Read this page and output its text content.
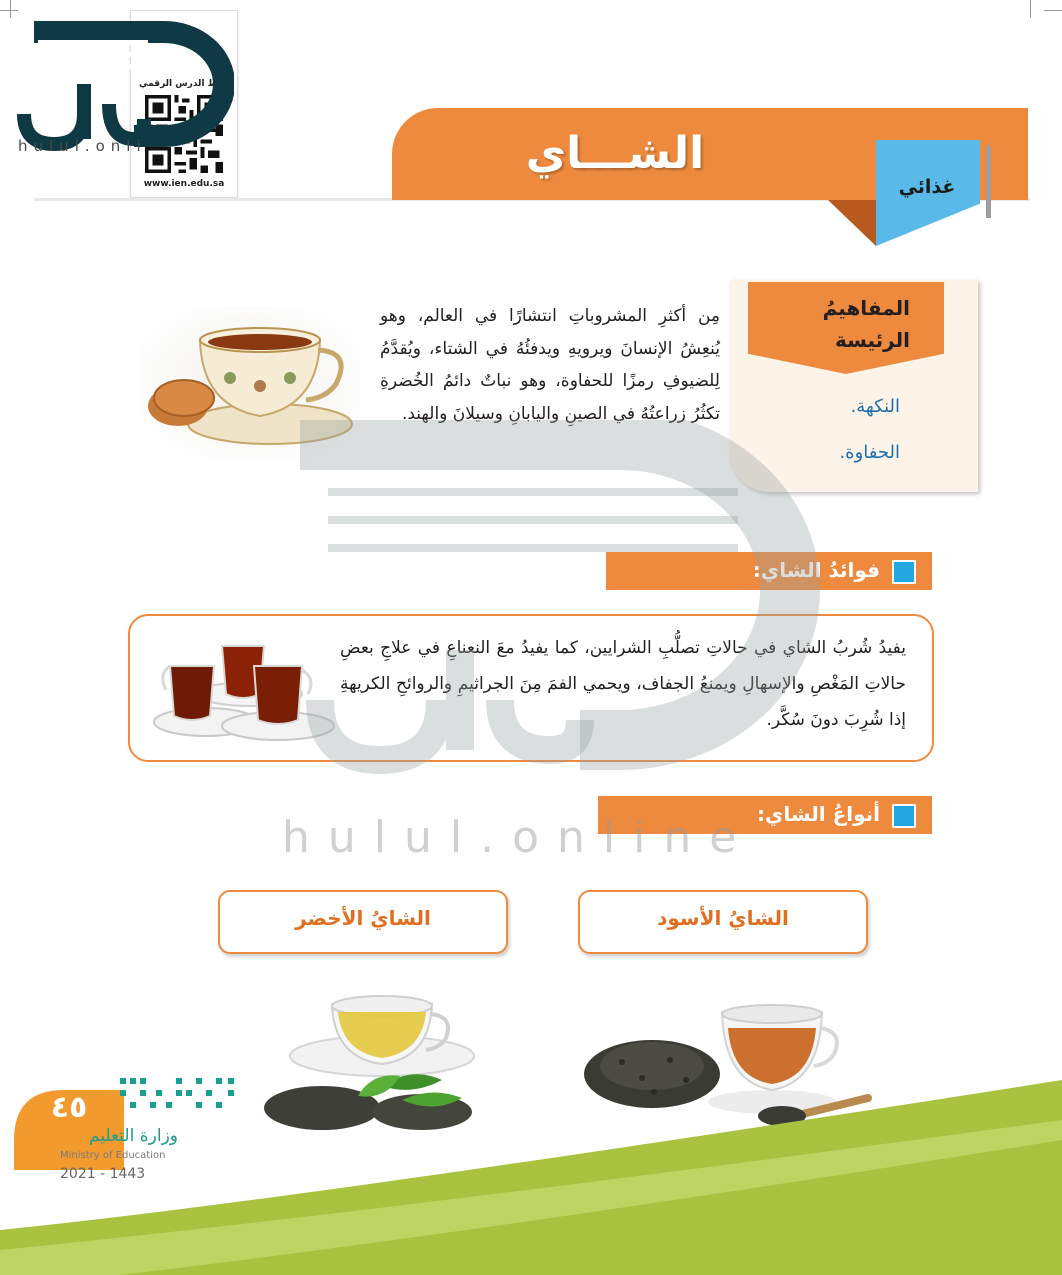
رابط الدرس الرقمي
www.ien.edu.sa
hulul.onli	الشـــاي
غذائي
المفاهيمُ
الرئيسة
النكهة.
الحفاوة.
مِن أكثرِ المشروباتِ انتشارًا في العالم، وهو يُنعِشُ الإنسانَ ويرويهِ ويدفئُهُ في الشتاء، ويُقدَّمُ لِلضيوفِ رمزًا للحفاوة، وهو نباتٌ دائمُ الخُضرةِ تكثُرُ زراعتُهُ في الصينِ واليابانِ وسيلانَ والهند.
فوائدُ الشاي:
يفيدُ شُربُ الشاي في حالاتِ تصلُّبِ الشرايين، كما يفيدُ معَ النعناعِ في علاجِ بعضِ حالاتِ المَغْصِ والإسهالِ ويمنعُ الجفاف، ويحمي الفمَ مِنَ الجراثيمِ والروائحِ الكريهةِ إذا شُرِبَ دونَ سُكَّر.
أنواعُ الشاي:
الشايُ الأسود
الشايُ الأخضر
hulul.online
٤٥
وزارة التعليم
Ministry of Education
2021 - 1443
